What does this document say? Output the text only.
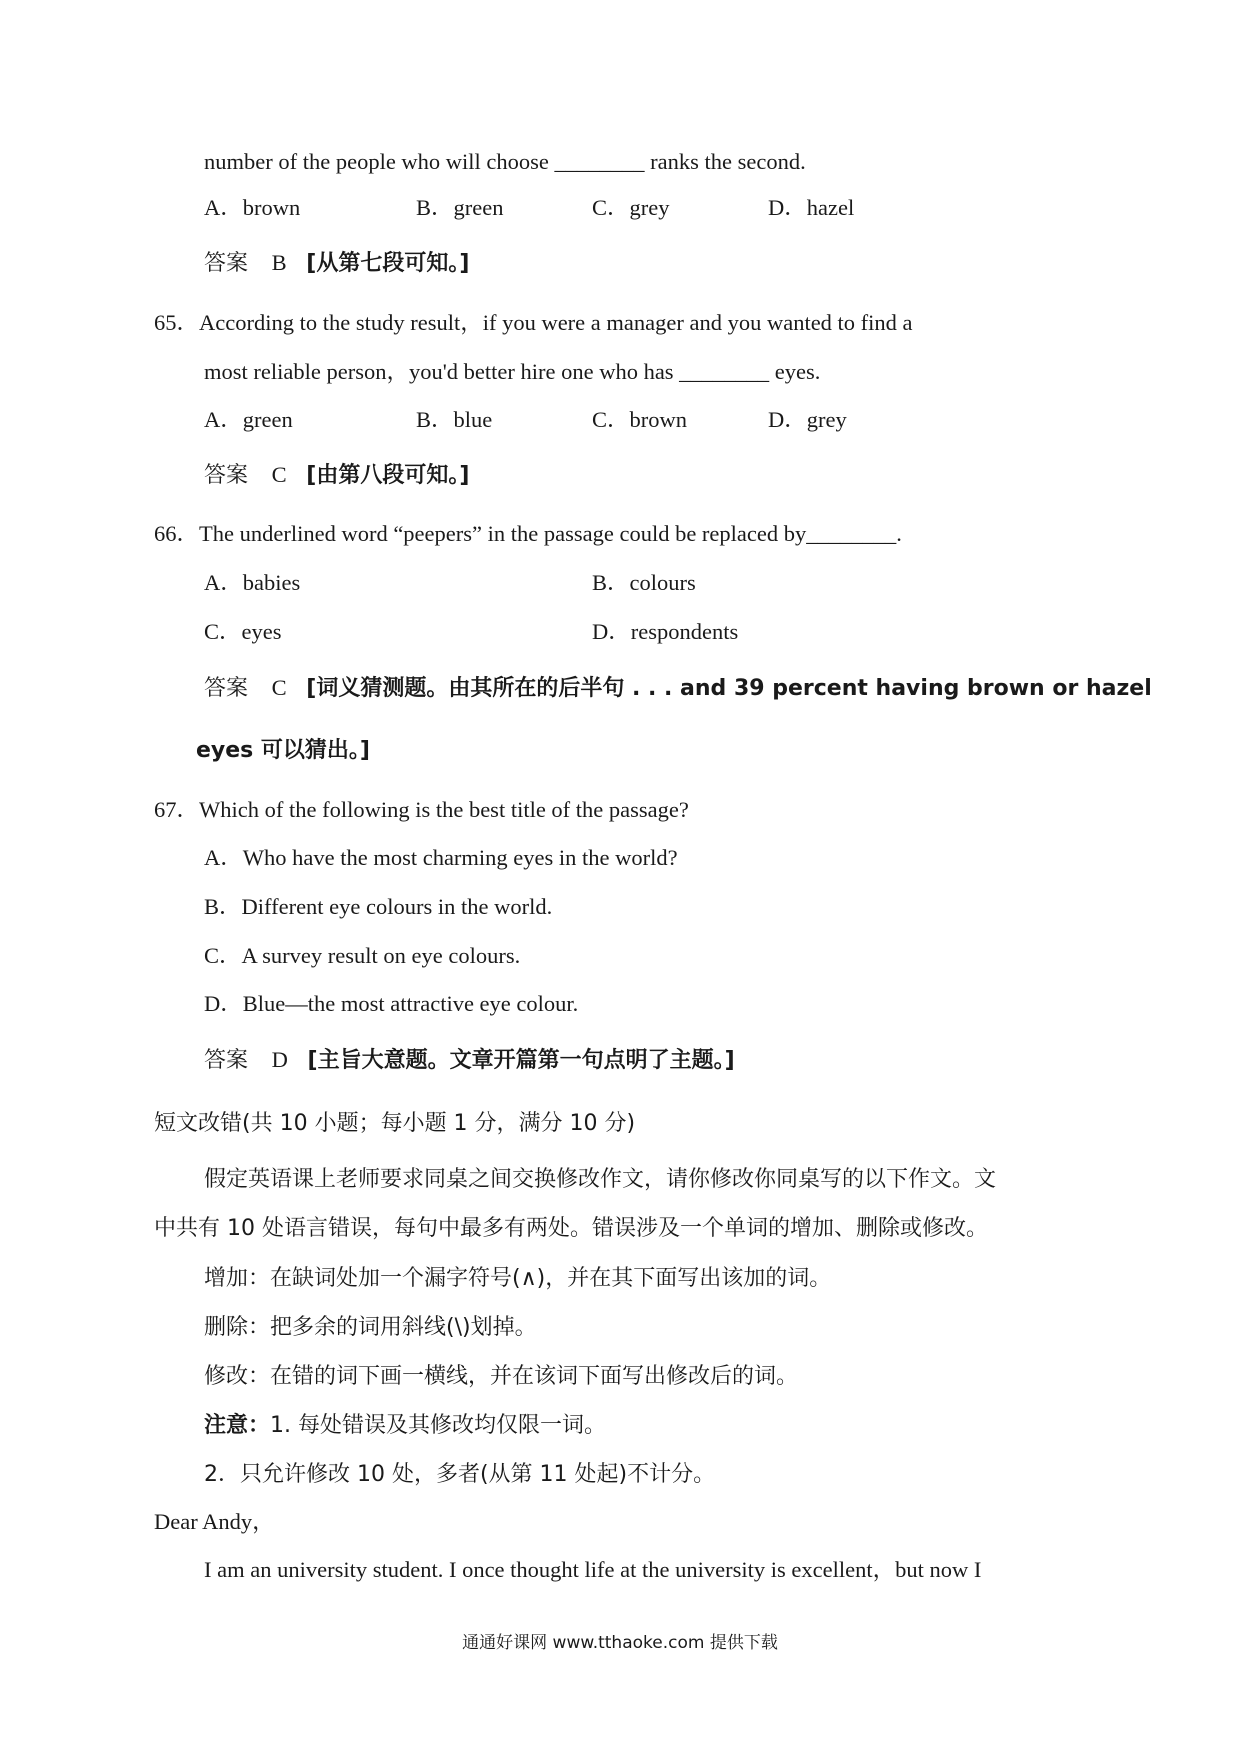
number of the people who will choose ________ ranks the second.
A．brown	B．green	C．grey	D．hazel
答案 B [从第七段可知。]
65．According to the study result，if you were a manager and you wanted to find a
most reliable person，you'd better hire one who has ________ eyes.
A．green	B．blue	C．brown	D．grey
答案 C [由第八段可知。]
66．The underlined word “peepers” in the passage could be replaced by________.
A．babies	B．colours
C．eyes	D．respondents
答案 C [词义猜测题。由其所在的后半句 . . . and 39 percent having brown or hazel
eyes 可以猜出。]
67．Which of the following is the best title of the passage?
A．Who have the most charming eyes in the world?
B．Different eye colours in the world.
C．A survey result on eye colours.
D．Blue—the most attractive eye colour.
答案 D [主旨大意题。文章开篇第一句点明了主题。]
短文改错(共 10 小题；每小题 1 分，满分 10 分)
假定英语课上老师要求同桌之间交换修改作文，请你修改你同桌写的以下作文。文
中共有 10 处语言错误，每句中最多有两处。错误涉及一个单词的增加、删除或修改。
增加：在缺词处加一个漏字符号(∧)，并在其下面写出该加的词。
删除：把多余的词用斜线(\)划掉。
修改：在错的词下画一横线，并在该词下面写出修改后的词。
注意：1. 每处错误及其修改均仅限一词。
2．只允许修改 10 处，多者(从第 11 处起)不计分。
Dear Andy，
I am an university student. I once thought life at the university is excellent，but now I
通通好课网 www.tthaoke.com 提供下载
